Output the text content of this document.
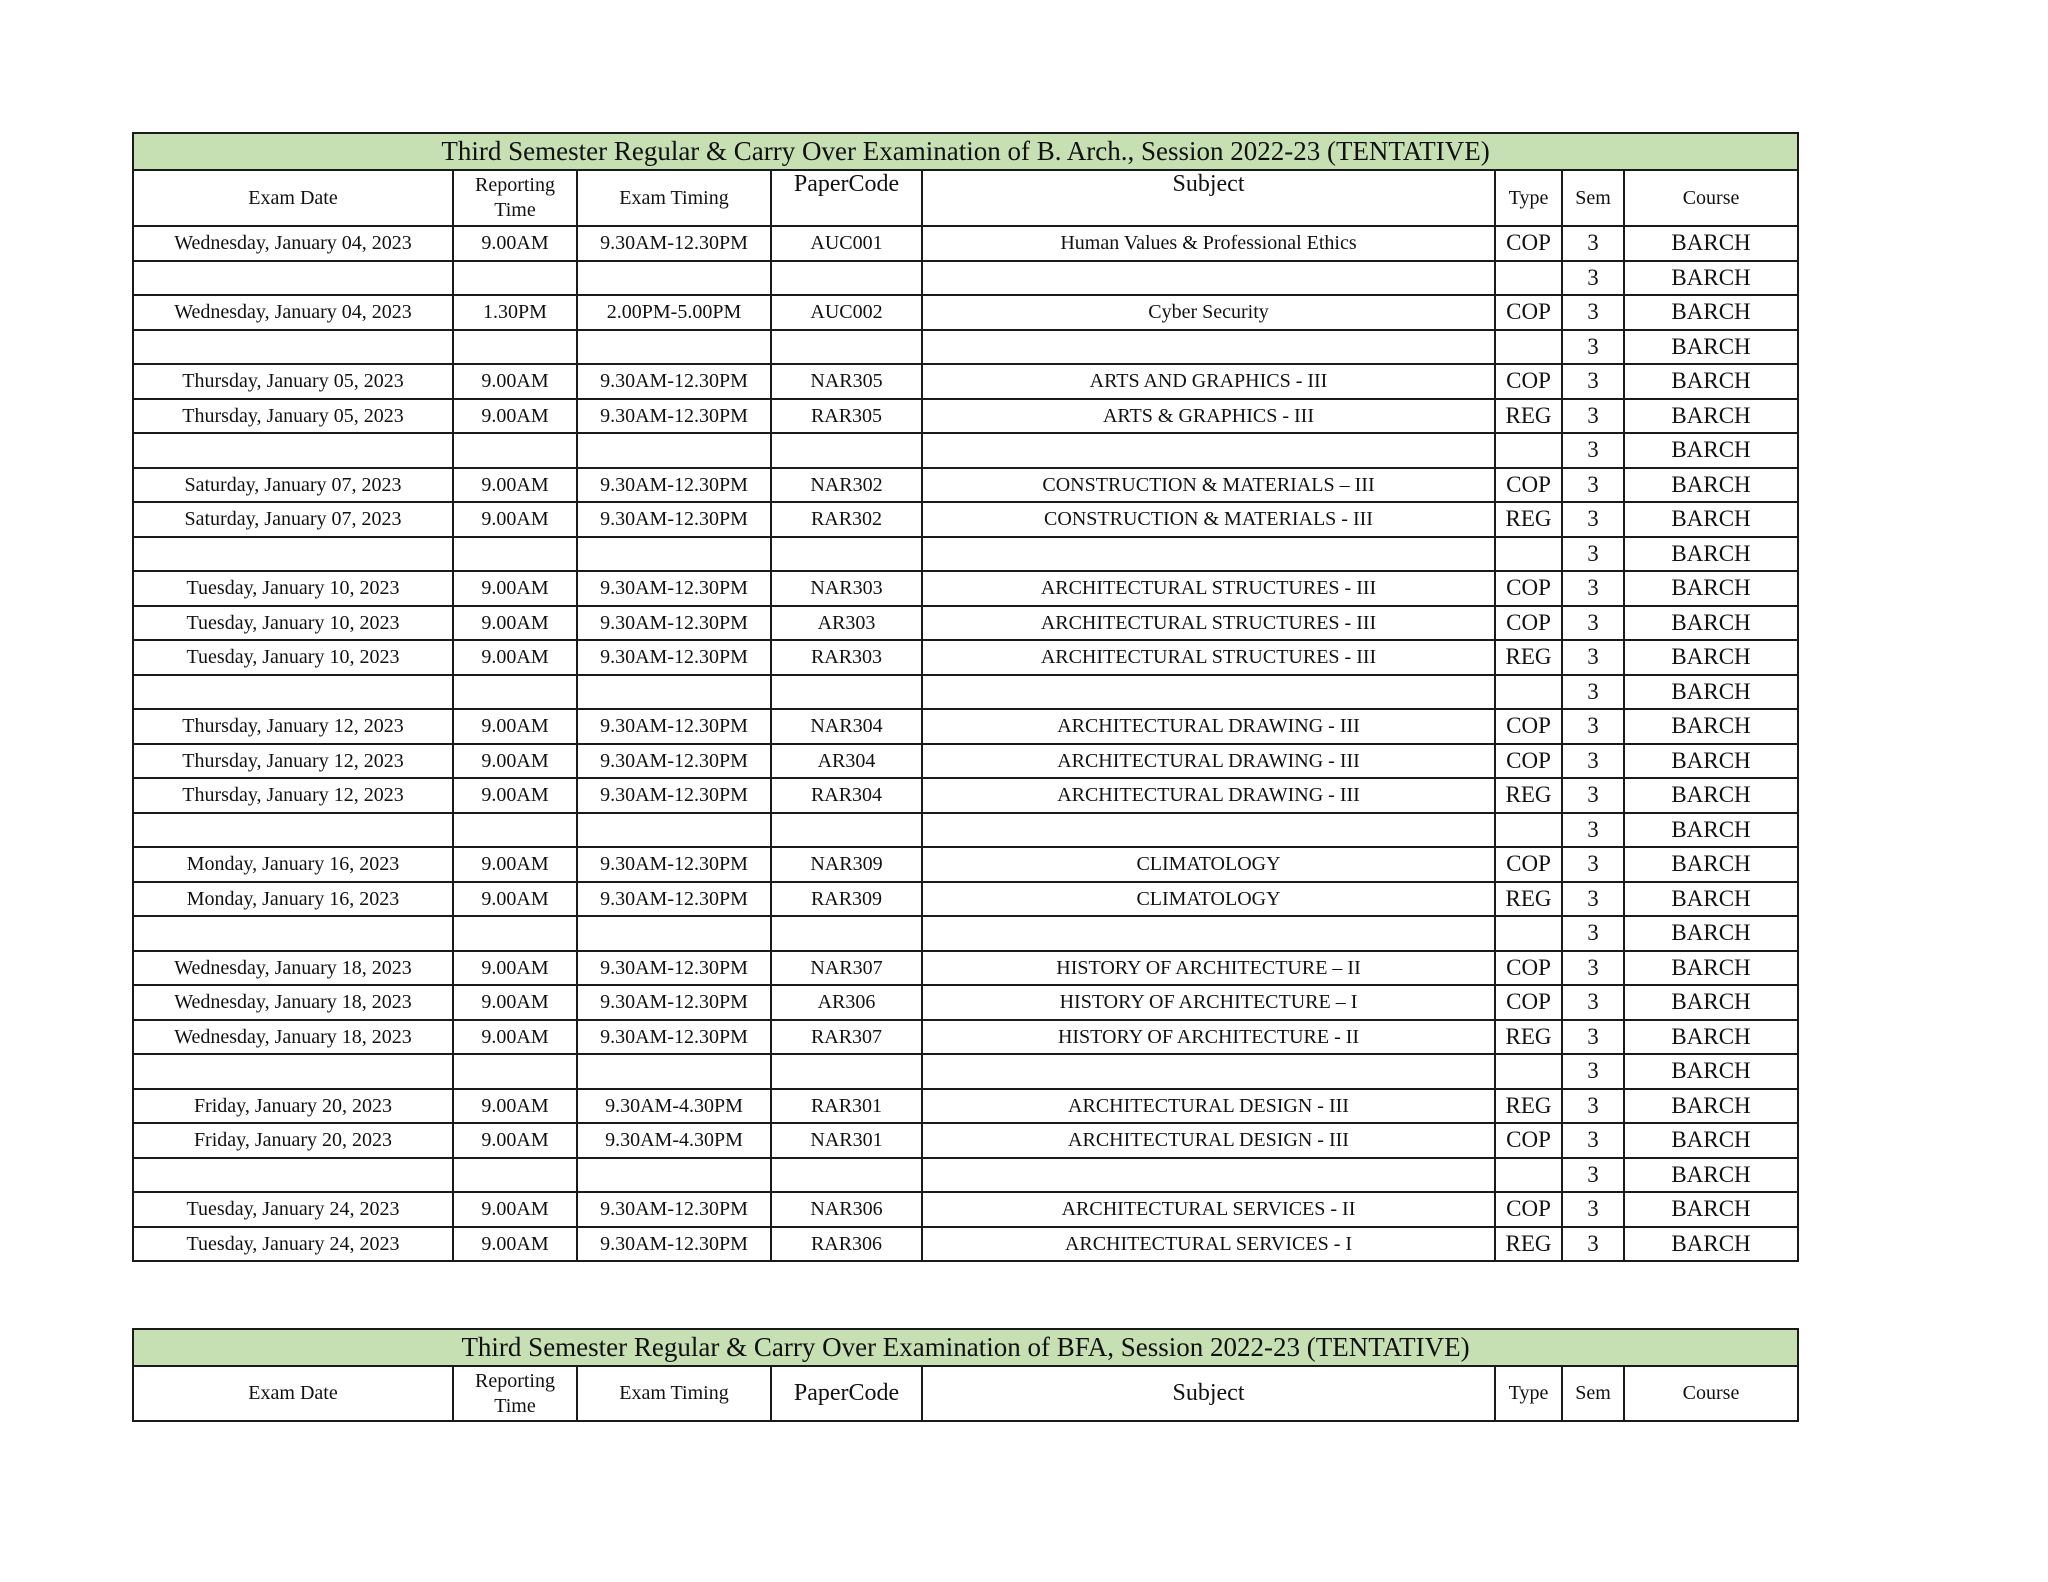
Third Semester Regular & Carry Over Examination of B. Arch., Session 2022-23 (TENTATIVE)							
Exam Date	Reporting Time	Exam Timing	PaperCode	Subject	Type	Sem	Course
Wednesday, January 04, 2023	9.00AM	9.30AM-12.30PM	AUC001	Human Values & Professional Ethics	COP	3	BARCH
						3	BARCH
Wednesday, January 04, 2023	1.30PM	2.00PM-5.00PM	AUC002	Cyber Security	COP	3	BARCH
						3	BARCH
Thursday, January 05, 2023	9.00AM	9.30AM-12.30PM	NAR305	ARTS AND GRAPHICS - III	COP	3	BARCH
Thursday, January 05, 2023	9.00AM	9.30AM-12.30PM	RAR305	ARTS & GRAPHICS - III	REG	3	BARCH
						3	BARCH
Saturday, January 07, 2023	9.00AM	9.30AM-12.30PM	NAR302	CONSTRUCTION & MATERIALS – III	COP	3	BARCH
Saturday, January 07, 2023	9.00AM	9.30AM-12.30PM	RAR302	CONSTRUCTION & MATERIALS - III	REG	3	BARCH
						3	BARCH
Tuesday, January 10, 2023	9.00AM	9.30AM-12.30PM	NAR303	ARCHITECTURAL STRUCTURES - III	COP	3	BARCH
Tuesday, January 10, 2023	9.00AM	9.30AM-12.30PM	AR303	ARCHITECTURAL STRUCTURES - III	COP	3	BARCH
Tuesday, January 10, 2023	9.00AM	9.30AM-12.30PM	RAR303	ARCHITECTURAL STRUCTURES - III	REG	3	BARCH
						3	BARCH
Thursday, January 12, 2023	9.00AM	9.30AM-12.30PM	NAR304	ARCHITECTURAL DRAWING - III	COP	3	BARCH
Thursday, January 12, 2023	9.00AM	9.30AM-12.30PM	AR304	ARCHITECTURAL DRAWING - III	COP	3	BARCH
Thursday, January 12, 2023	9.00AM	9.30AM-12.30PM	RAR304	ARCHITECTURAL DRAWING - III	REG	3	BARCH
						3	BARCH
Monday, January 16, 2023	9.00AM	9.30AM-12.30PM	NAR309	CLIMATOLOGY	COP	3	BARCH
Monday, January 16, 2023	9.00AM	9.30AM-12.30PM	RAR309	CLIMATOLOGY	REG	3	BARCH
						3	BARCH
Wednesday, January 18, 2023	9.00AM	9.30AM-12.30PM	NAR307	HISTORY OF ARCHITECTURE – II	COP	3	BARCH
Wednesday, January 18, 2023	9.00AM	9.30AM-12.30PM	AR306	HISTORY OF ARCHITECTURE – I	COP	3	BARCH
Wednesday, January 18, 2023	9.00AM	9.30AM-12.30PM	RAR307	HISTORY OF ARCHITECTURE - II	REG	3	BARCH
						3	BARCH
Friday, January 20, 2023	9.00AM	9.30AM-4.30PM	RAR301	ARCHITECTURAL DESIGN - III	REG	3	BARCH
Friday, January 20, 2023	9.00AM	9.30AM-4.30PM	NAR301	ARCHITECTURAL DESIGN - III	COP	3	BARCH
						3	BARCH
Tuesday, January 24, 2023	9.00AM	9.30AM-12.30PM	NAR306	ARCHITECTURAL SERVICES - II	COP	3	BARCH
Tuesday, January 24, 2023	9.00AM	9.30AM-12.30PM	RAR306	ARCHITECTURAL SERVICES - I	REG	3	BARCH
Third Semester Regular & Carry Over Examination of BFA, Session 2022-23 (TENTATIVE)
Exam Date	Reporting Time	Exam Timing	PaperCode	Subject	Type	Sem	Course
